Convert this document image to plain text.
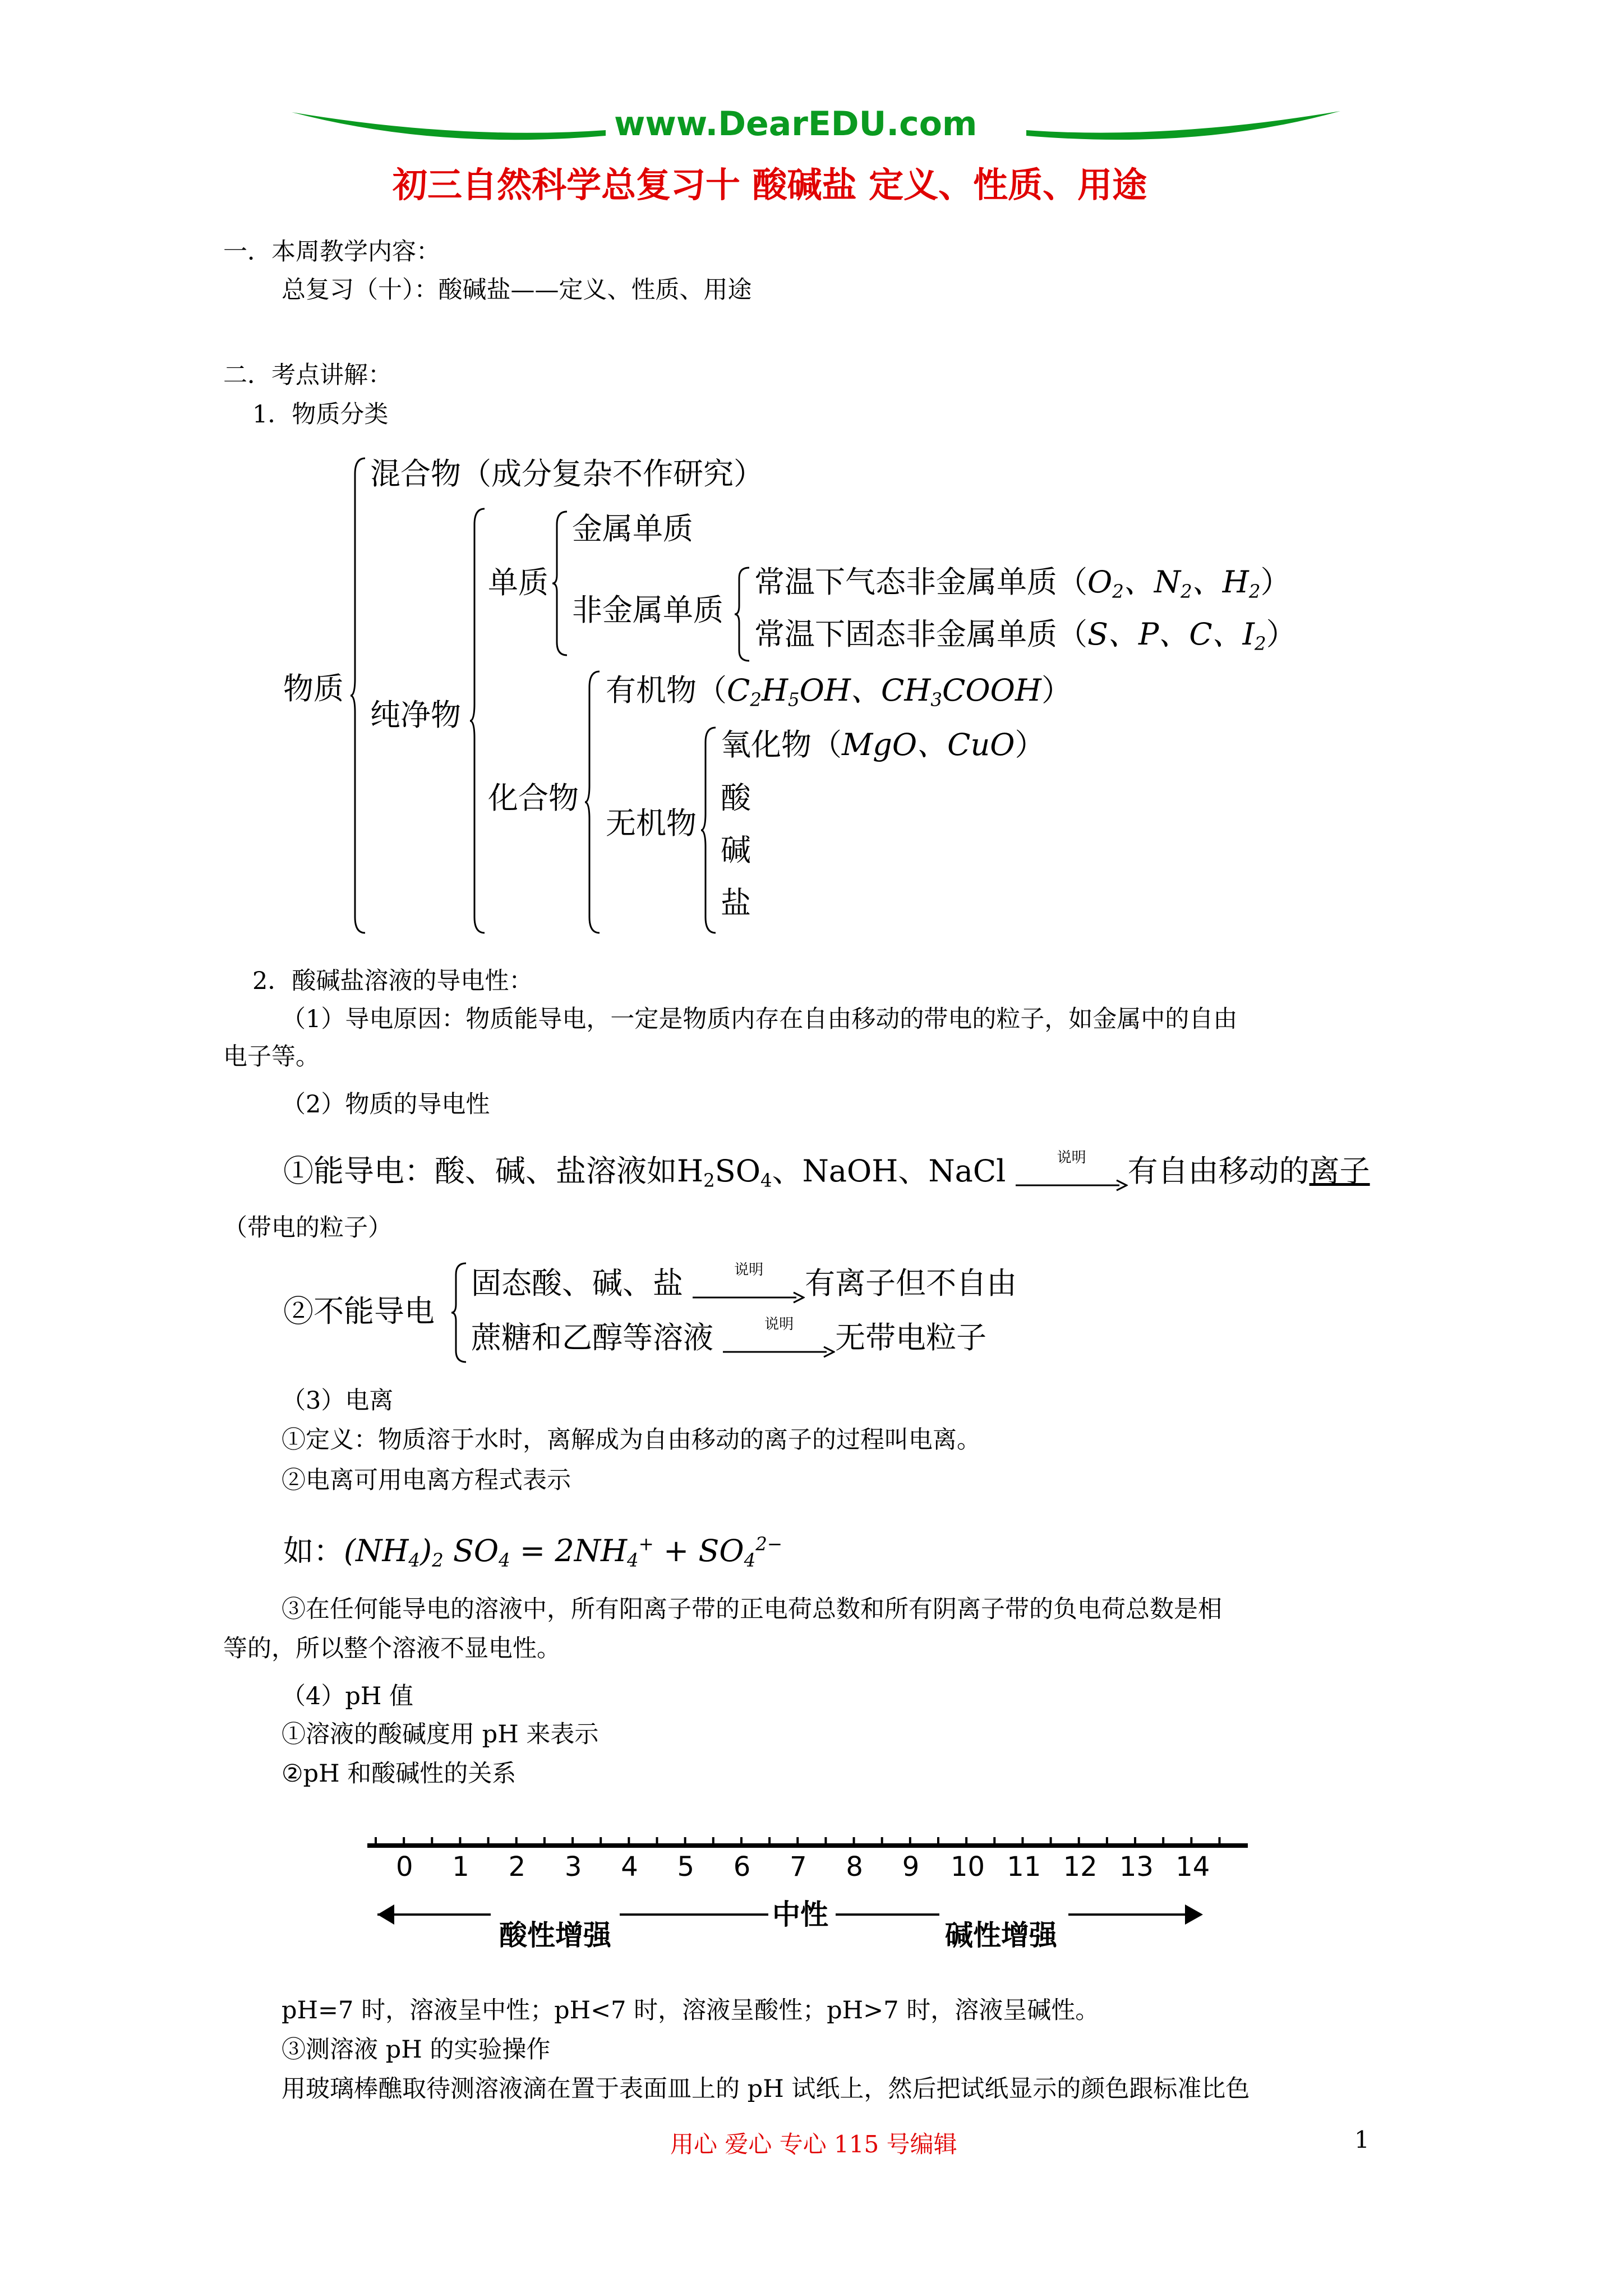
www.DearEDU.com
初三自然科学总复习十 酸碱盐 定义、性质、用途
一．本周教学内容：
总复习（十）：酸碱盐——定义、性质、用途
二．考点讲解：
1．物质分类
物质
混合物（成分复杂不作研究）
纯净物
单质
金属单质
非金属单质
常温下气态非金属单质（$O_2$、$N_2$、$H_2$）
常温下固态非金属单质（S、P、C、$I_2$）
化合物
有机物（$C_2H_5OH$、$CH_3COOH$）
无机物
氧化物（MgO、CuO）
酸
碱
盐
2．酸碱盐溶液的导电性：
（1）导电原因：物质能导电，一定是物质内存在自由移动的带电的粒子，如金属中的自由
电子等。
（2）物质的导电性
①能导电：酸、碱、盐溶液如$H_2SO_4$、NaOH、NaCl	说明	有自由移动的离子
（带电的粒子）
②不能导电
固态酸、碱、盐	说明	有离子但不自由
蔗糖和乙醇等溶液	说明	无带电粒子
（3）电离
①定义：物质溶于水时，离解成为自由移动的离子的过程叫电离。
②电离可用电离方程式表示
如：$(NH_4)_2$ $SO_4 = 2NH_4^+ + SO_4^{2-}$
③在任何能导电的溶液中，所有阳离子带的正电荷总数和所有阴离子带的负电荷总数是相
等的，所以整个溶液不显电性。
（4）pH 值
①溶液的酸碱度用 pH 来表示
②pH 和酸碱性的关系
0 1 2 3 4 5 6 7 8 9 10 11 12 13 14
酸性增强
中性
碱性增强
pH=7 时，溶液呈中性；pH<7 时，溶液呈酸性；pH>7 时，溶液呈碱性。
③测溶液 pH 的实验操作
用玻璃棒醮取待测溶液滴在置于表面皿上的 pH 试纸上，然后把试纸显示的颜色跟标准比色
用心 爱心 专心 115 号编辑	1
